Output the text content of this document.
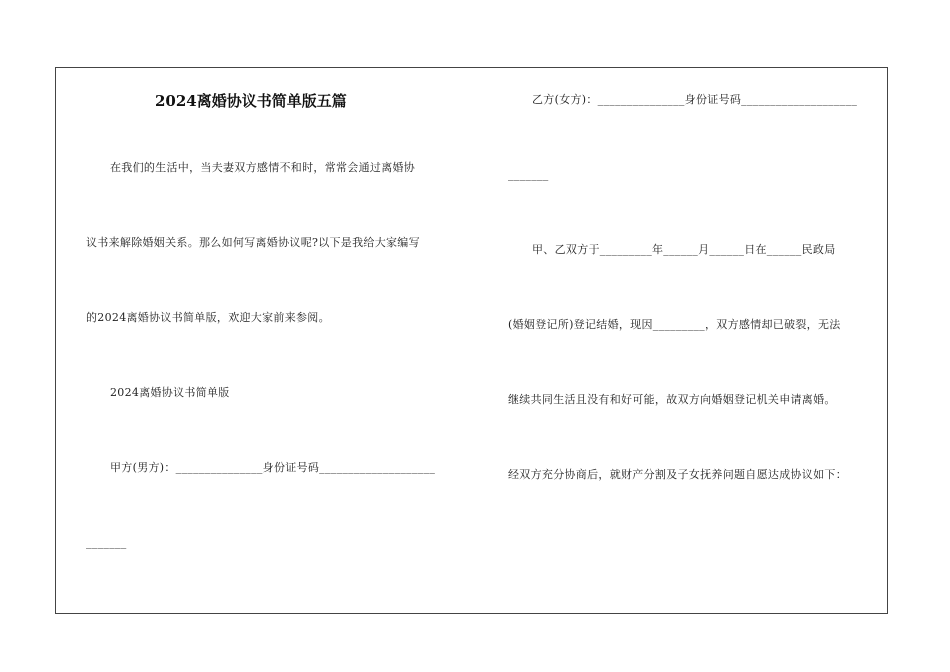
2024离婚协议书简单版五篇
在我们的生活中，当夫妻双方感情不和时，常常会通过离婚协
议书来解除婚姻关系。那么如何写离婚协议呢?以下是我给大家编写
的2024离婚协议书简单版，欢迎大家前来参阅。
2024离婚协议书简单版
甲方(男方)：_______________身份证号码____________________
_______
乙方(女方)：_______________身份证号码____________________
_______
甲、乙双方于_________年______月______日在______民政局
(婚姻登记所)登记结婚，现因_________，双方感情却已破裂，无法
继续共同生活且没有和好可能，故双方向婚姻登记机关申请离婚。
经双方充分协商后，就财产分割及子女抚养问题自愿达成协议如下：
